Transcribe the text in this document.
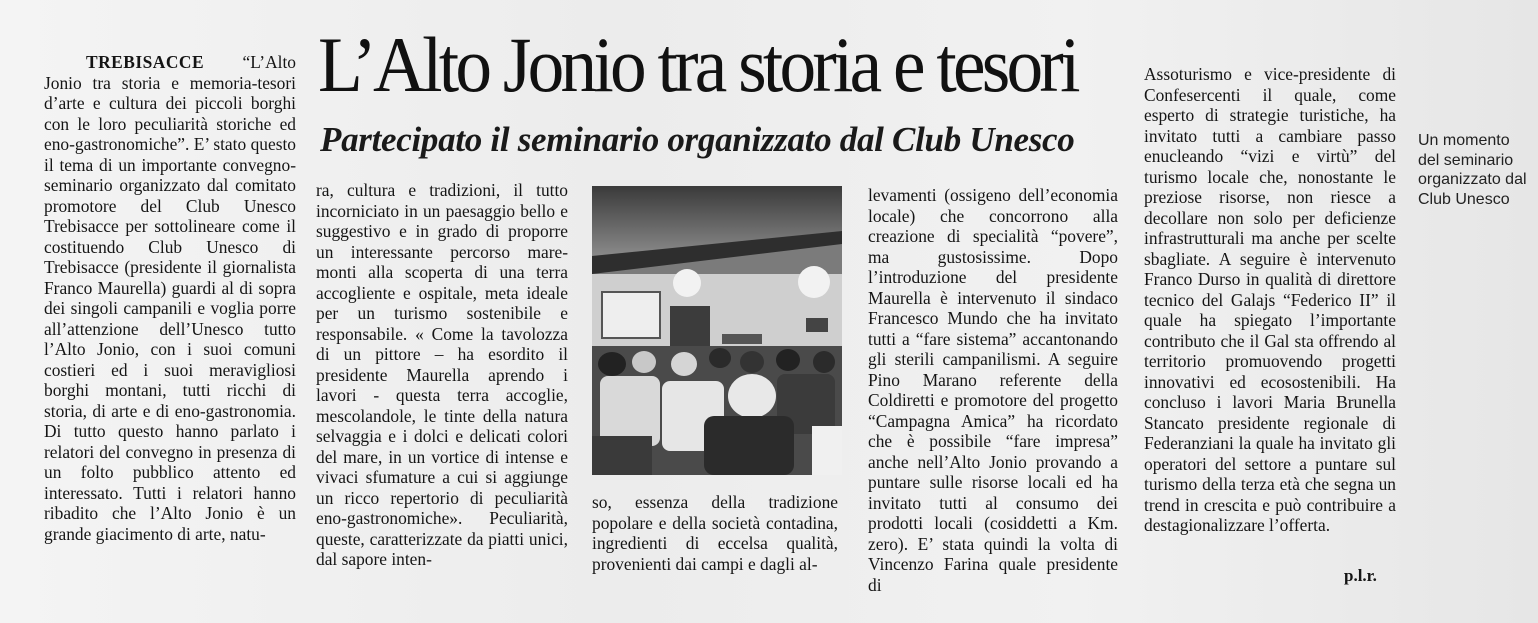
L’Alto Jonio tra storia e tesori
Partecipato il seminario organizzato dal Club Unesco

TREBISACCE “L’Alto Jonio tra storia e memoria-tesori d’arte e cultura dei piccoli borghi con le loro peculiarità storiche ed eno-gastronomiche”. E’ stato questo il tema di un importante convegno-seminario organizzato dal comitato promotore del Club Unesco Trebisacce per sottolineare come il costituendo Club Unesco di Trebisacce (presidente il giornalista Franco Maurella) guardi al di sopra dei singoli campanili e voglia porre all’attenzione dell’Unesco tutto l’Alto Jonio, con i suoi comuni costieri ed i suoi meravigliosi borghi montani, tutti ricchi di storia, di arte e di eno-gastronomia. Di tutto questo hanno parlato i relatori del convegno in presenza di un folto pubblico attento ed interessato. Tutti i relatori hanno ribadito che l’Alto Jonio è un grande giacimento di arte, natu-

ra, cultura e tradizioni, il tutto incorniciato in un paesaggio bello e suggestivo e in grado di proporre un interessante percorso mare-monti alla scoperta di una terra accogliente e ospitale, meta ideale per un turismo sostenibile e responsabile. « Come la tavolozza di un pittore – ha esordito il presidente Maurella aprendo i lavori - questa terra accoglie, mescolandole, le tinte della natura selvaggia e i dolci e delicati colori del mare, in un vortice di intense e vivaci sfumature a cui si aggiunge un ricco repertorio di peculiarità eno-gastronomiche». Peculiarità, queste, caratterizzate da piatti unici, dal sapore inten-

so, essenza della tradizione popolare e della società contadina, ingredienti di eccelsa qualità, provenienti dai campi e dagli al-

levamenti (ossigeno dell’economia locale) che concorrono alla creazione di specialità “povere”, ma gustosissime. Dopo l’introduzione del presidente Maurella è intervenuto il sindaco Francesco Mundo che ha invitato tutti a “fare sistema” accantonando gli sterili campanilismi. A seguire Pino Marano referente della Coldiretti e promotore del progetto “Campagna Amica” ha ricordato che è possibile “fare impresa” anche nell’Alto Jonio provando a puntare sulle risorse locali ed ha invitato tutti al consumo dei prodotti locali (cosiddetti a Km. zero). E’ stata quindi la volta di Vincenzo Farina quale presidente di

Assoturismo e vice-presidente di Confesercenti il quale, come esperto di strategie turistiche, ha invitato tutti a cambiare passo enucleando “vizi e virtù” del turismo locale che, nonostante le preziose risorse, non riesce a decollare non solo per deficienze infrastrutturali ma anche per scelte sbagliate. A seguire è intervenuto Franco Durso in qualità di direttore tecnico del Galajs “Federico II” il quale ha spiegato l’importante contributo che il Gal sta offrendo al territorio promuovendo progetti innovativi ed ecosostenibili. Ha concluso i lavori Maria Brunella Stancato presidente regionale di Federanziani la quale ha invitato gli operatori del settore a puntare sul turismo della terza età che segna un trend in crescita e può contribuire a destagionalizzare l’offerta.

Un momento del seminario organizzato dal Club Unesco
p.l.r.
